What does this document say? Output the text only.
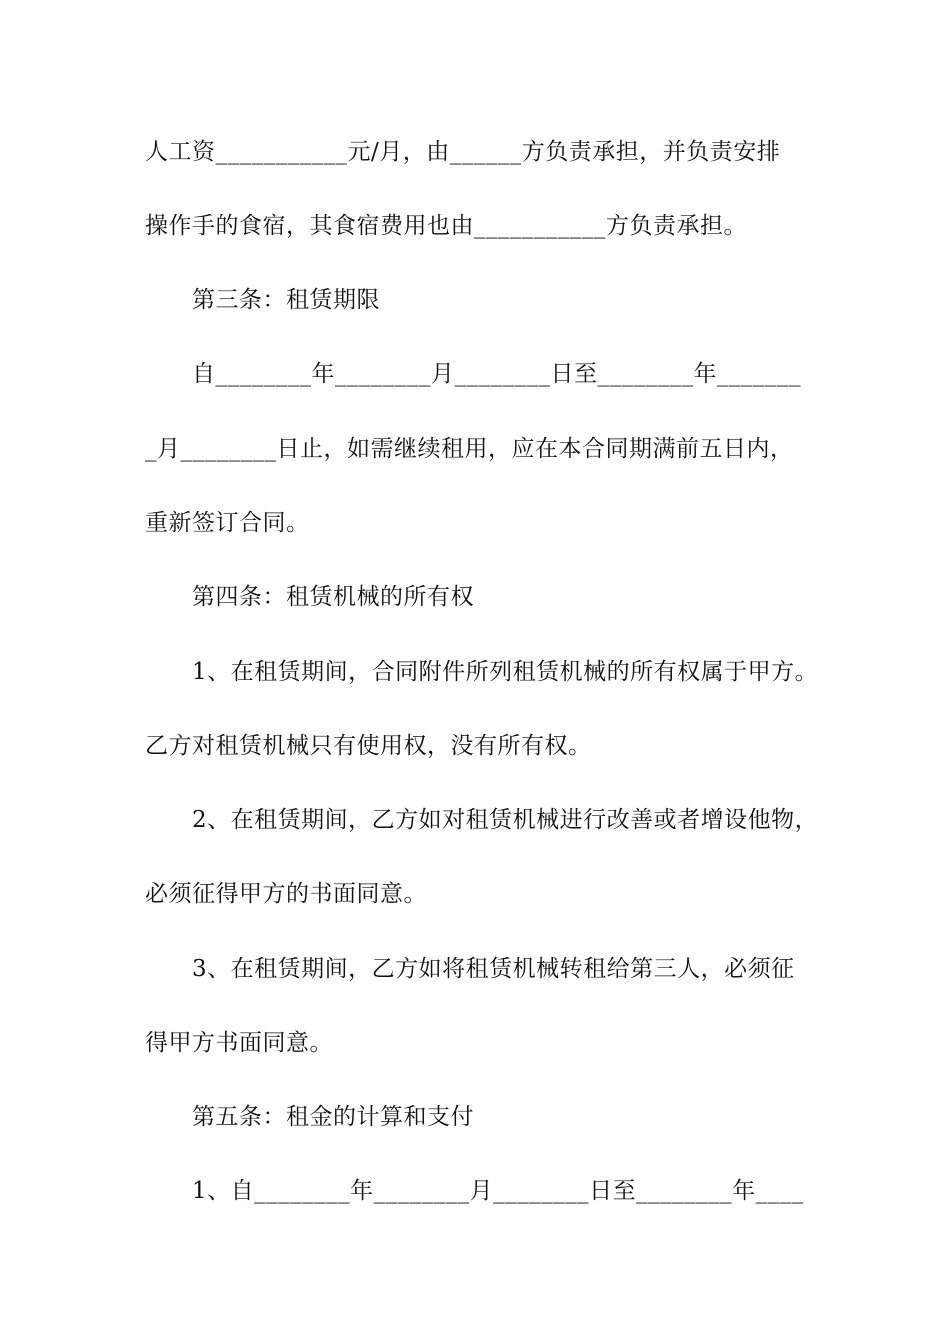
人工资___________元/月，由______方负责承担，并负责安排
操作手的食宿，其食宿费用也由___________方负责承担。
第三条：租赁期限
自________年________月________日至________年_______
_月________日止，如需继续租用，应在本合同期满前五日内，
重新签订合同。
第四条：租赁机械的所有权
1、在租赁期间，合同附件所列租赁机械的所有权属于甲方。
乙方对租赁机械只有使用权，没有所有权。
2、在租赁期间，乙方如对租赁机械进行改善或者增设他物，
必须征得甲方的书面同意。
3、在租赁期间，乙方如将租赁机械转租给第三人，必须征
得甲方书面同意。
第五条：租金的计算和支付
1、自________年________月________日至________年____
